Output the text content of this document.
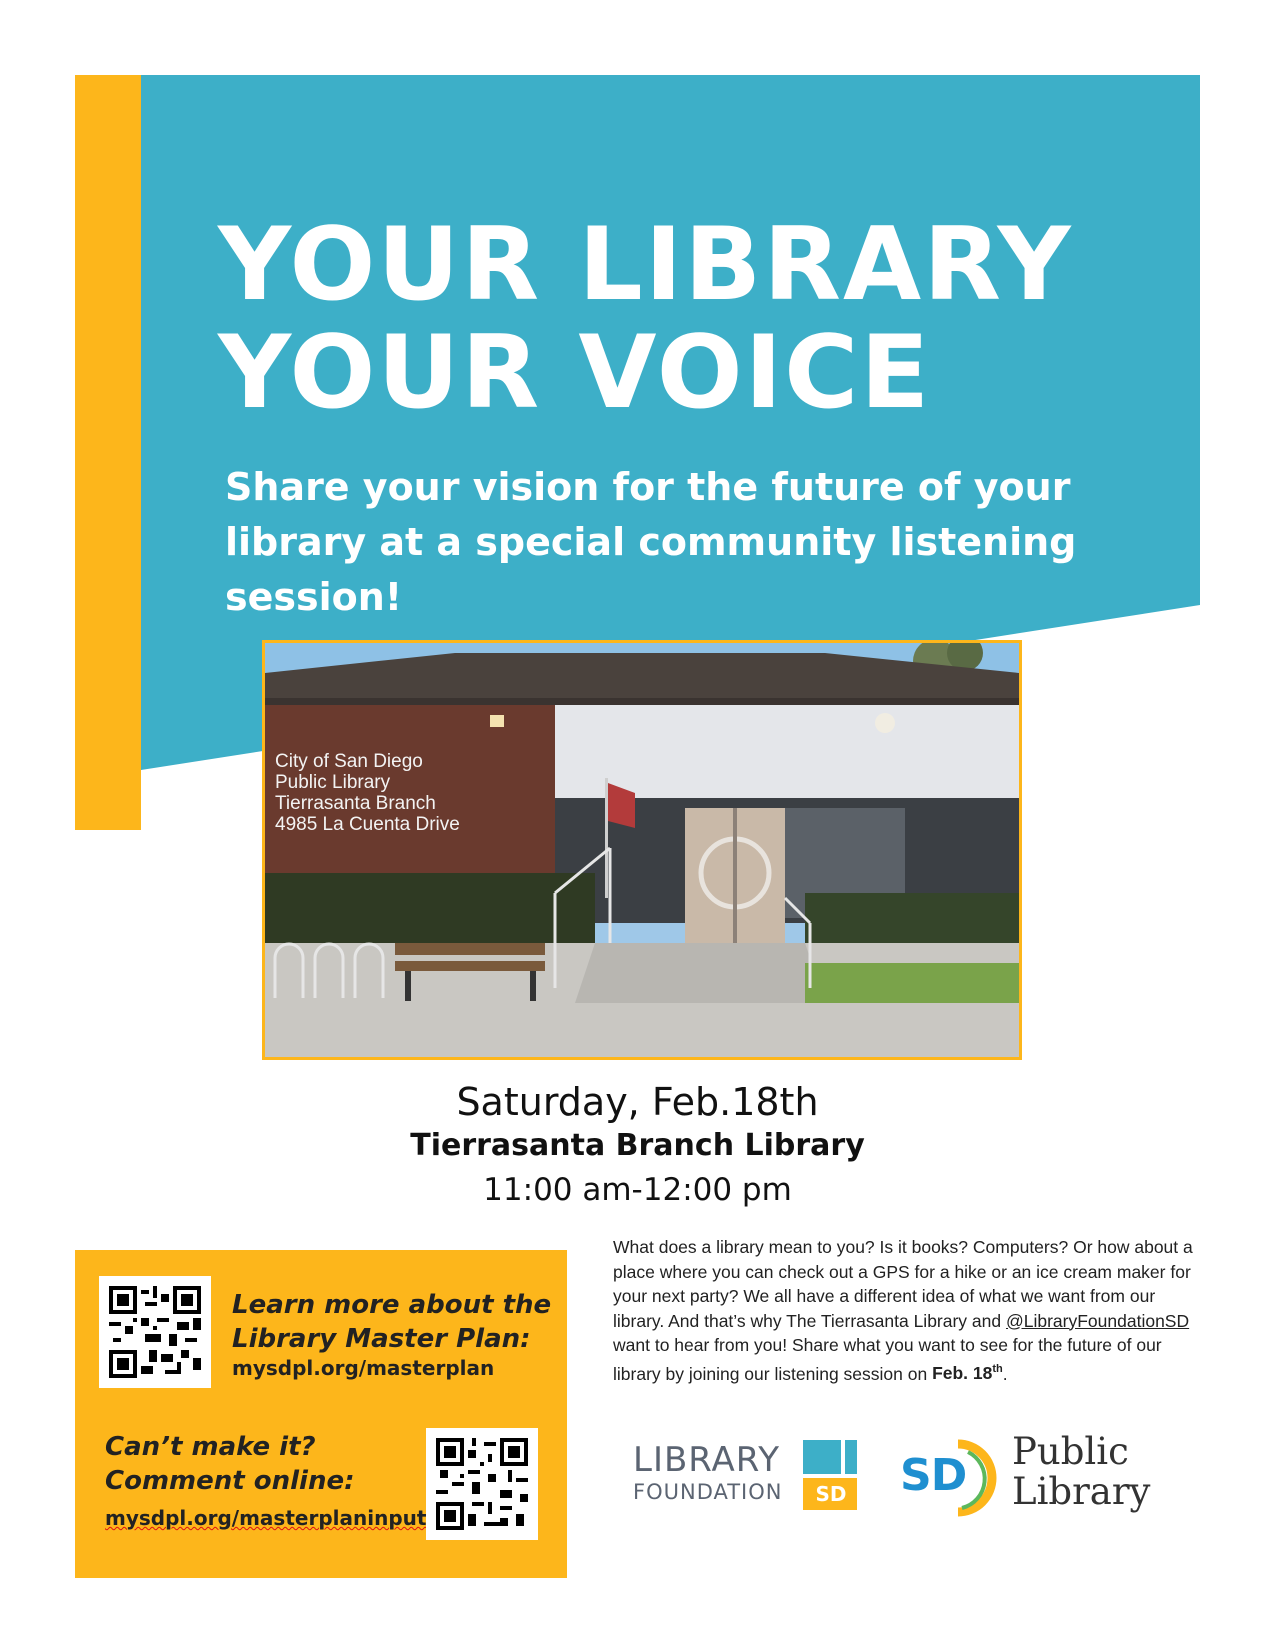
YOUR LIBRARY
YOUR VOICE

Share your vision for the future of your library at a special community listening session!

City of San Diego
Public Library
Tierrasanta Branch
4985 La Cuenta Drive

Saturday, Feb.18th

Tierrasanta Branch Library

11:00 am-12:00 pm

Learn more about the Library Master Plan:

mysdpl.org/masterplan

Can’t make it? Comment online:

mysdpl.org/masterplaninput

What does a library mean to you? Is it books? Computers? Or how about a place where you can check out a GPS for a hike or an ice cream maker for your next party? We all have a different idea of what we want from our library. And that’s why The Tierrasanta Library and @LibraryFoundationSD want to hear from you! Share what you want to see for the future of our library by joining our listening session on Feb. 18th.

LIBRARY
FOUNDATION	SD SD Public
Library
